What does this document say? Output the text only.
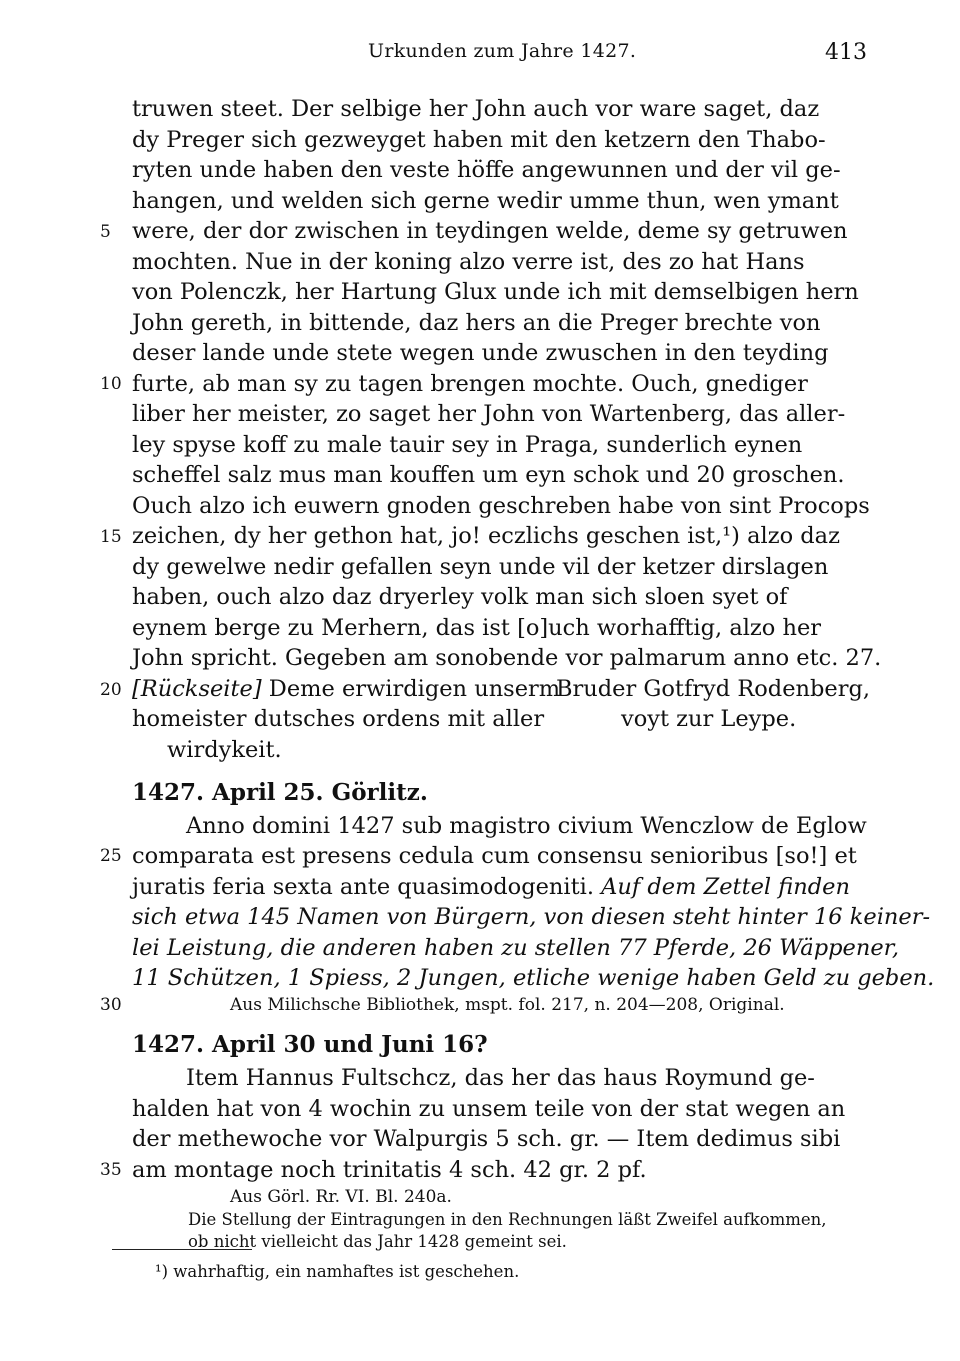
Urkunden zum Jahre 1427.	413
5
10
15
20
25
30
35
truwen steet. Der selbige her John auch vor ware saget, daz
dy Preger sich gezweyget haben mit den ketzern den Thabo-
ryten unde haben den veste höffe angewunnen und der vil ge-
hangen, und welden sich gerne wedir umme thun, wen ymant
were, der dor zwischen in teydingen welde, deme sy getruwen
mochten. Nue in der koning alzo verre ist, des zo hat Hans
von Polenczk, her Hartung Glux unde ich mit demselbigen hern
John gereth, in bittende, daz hers an die Preger brechte von
deser lande unde stete wegen unde zwuschen in den teyding
furte, ab man sy zu tagen brengen mochte. Ouch, gnediger
liber her meister, zo saget her John von Wartenberg, das aller-
ley spyse koff zu male tauir sey in Praga, sunderlich eynen
scheffel salz mus man kouffen um eyn schok und 20 groschen.
Ouch alzo ich euwern gnoden geschreben habe von sint Procops
zeichen, dy her gethon hat, jo! eczlichs geschen ist,¹) alzo daz
dy gewelwe nedir gefallen seyn unde vil der ketzer dirslagen
haben, ouch alzo daz dryerley volk man sich sloen syet of
eynem berge zu Merhern, das ist [o]uch worhafftig, alzo her
John spricht. Gegeben am sonobende vor palmarum anno etc. 27.
[Rückseite] Deme erwirdigen unserm
homeister dutsches ordens mit aller
wirdykeit.
Bruder Gotfryd Rodenberg,
voyt zur Leype.
1427. April 25. Görlitz.
Anno domini 1427 sub magistro civium Wenczlow de Eglow
comparata est presens cedula cum consensu senioribus [so!] et
juratis feria sexta ante quasimodogeniti. Auf dem Zettel finden
sich etwa 145 Namen von Bürgern, von diesen steht hinter 16 keiner-
lei Leistung, die anderen haben zu stellen 77 Pferde, 26 Wäppener,
11 Schützen, 1 Spiess, 2 Jungen, etliche wenige haben Geld zu geben.
Aus Milichsche Bibliothek, mspt. fol. 217, n. 204—208, Original.
1427. April 30 und Juni 16?
Item Hannus Fultschcz, das her das haus Roymund ge-
halden hat von 4 wochin zu unsem teile von der stat wegen an
der methewoche vor Walpurgis 5 sch. gr. — Item dedimus sibi
am montage noch trinitatis 4 sch. 42 gr. 2 pf.
Aus Görl. Rr. VI. Bl. 240a.
Die Stellung der Eintragungen in den Rechnungen läßt Zweifel aufkommen,
ob nicht vielleicht das Jahr 1428 gemeint sei.
¹) wahrhaftig, ein namhaftes ist geschehen.
